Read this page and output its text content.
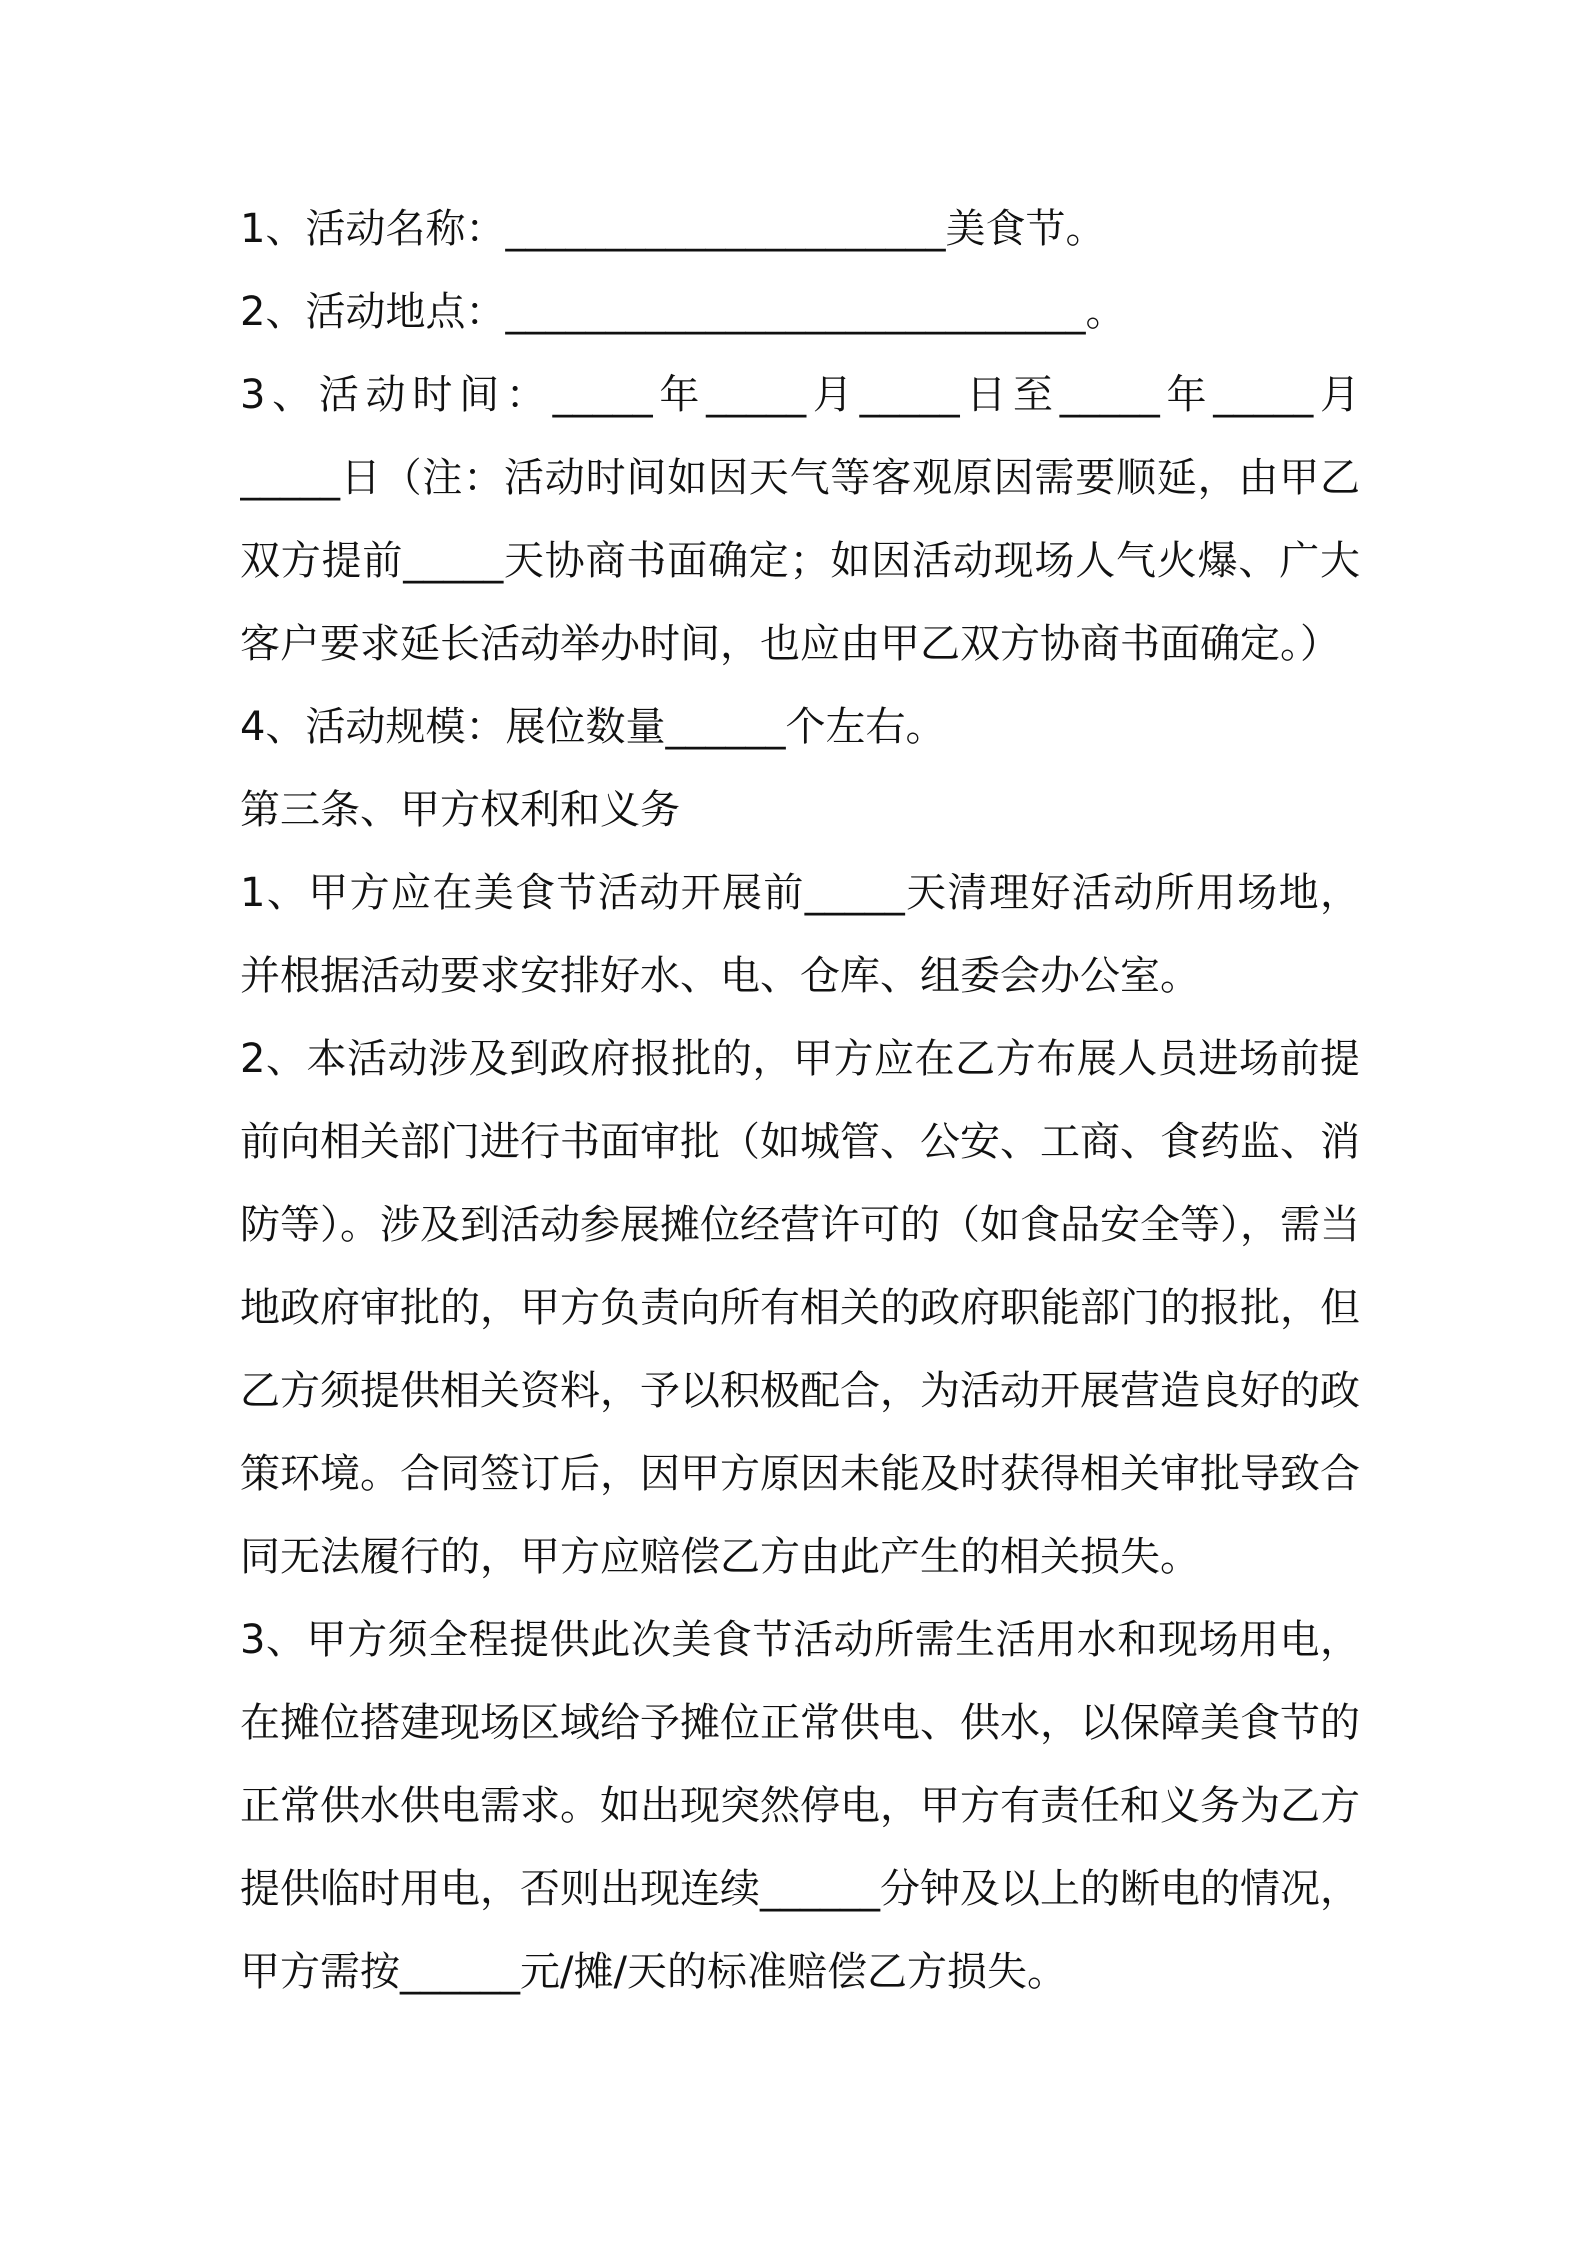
1、活动名称：______________________美食节。
2、活动地点：_____________________________。
3、活动时间：_____年_____月_____日至_____年_____月
_____日（注：活动时间如因天气等客观原因需要顺延，由甲乙
双方提前_____天协商书面确定；如因活动现场人气火爆、广大
客户要求延长活动举办时间，也应由甲乙双方协商书面确定。）
4、活动规模：展位数量______个左右。
第三条、甲方权利和义务
1、甲方应在美食节活动开展前_____天清理好活动所用场地，
并根据活动要求安排好水、电、仓库、组委会办公室。
2、本活动涉及到政府报批的，甲方应在乙方布展人员进场前提
前向相关部门进行书面审批（如城管、公安、工商、食药监、消
防等）。涉及到活动参展摊位经营许可的（如食品安全等），需当
地政府审批的，甲方负责向所有相关的政府职能部门的报批，但
乙方须提供相关资料，予以积极配合，为活动开展营造良好的政
策环境。合同签订后，因甲方原因未能及时获得相关审批导致合
同无法履行的，甲方应赔偿乙方由此产生的相关损失。
3、甲方须全程提供此次美食节活动所需生活用水和现场用电，
在摊位搭建现场区域给予摊位正常供电、供水，以保障美食节的
正常供水供电需求。如出现突然停电，甲方有责任和义务为乙方
提供临时用电，否则出现连续______分钟及以上的断电的情况，
甲方需按______元/摊/天的标准赔偿乙方损失。
